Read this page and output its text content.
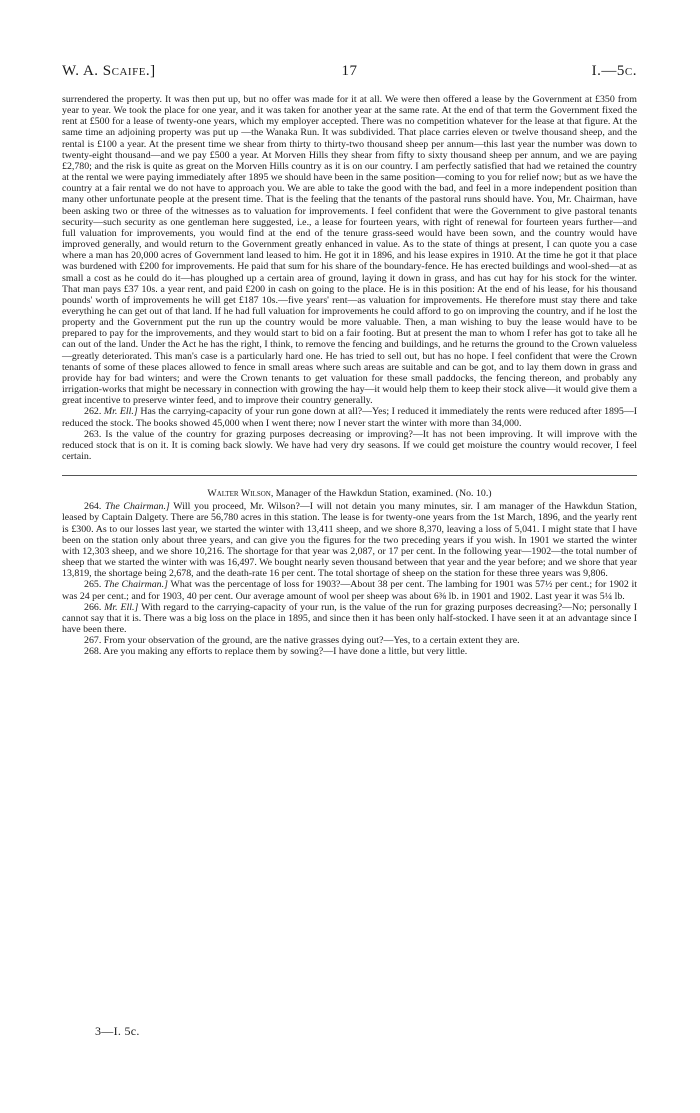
W. A. Scaife.]	17	I.—5c.

surrendered the property. It was then put up, but no offer was made for it at all. We were then offered a lease by the Government at £350 from year to year. We took the place for one year, and it was taken for another year at the same rate. At the end of that term the Government fixed the rent at £500 for a lease of twenty-one years, which my employer accepted. There was no competition whatever for the lease at that figure. At the same time an adjoining property was put up —the Wanaka Run. It was subdivided. That place carries eleven or twelve thousand sheep, and the rental is £100 a year. At the present time we shear from thirty to thirty-two thousand sheep per annum—this last year the number was down to twenty-eight thousand—and we pay £500 a year. At Morven Hills they shear from fifty to sixty thousand sheep per annum, and we are paying £2,780; and the risk is quite as great on the Morven Hills country as it is on our country. I am perfectly satisfied that had we retained the country at the rental we were paying immediately after 1895 we should have been in the same position—coming to you for relief now; but as we have the country at a fair rental we do not have to approach you. We are able to take the good with the bad, and feel in a more independent position than many other unfortunate people at the present time. That is the feeling that the tenants of the pastoral runs should have. You, Mr. Chairman, have been asking two or three of the witnesses as to valuation for improvements. I feel confident that were the Government to give pastoral tenants security—such security as one gentleman here suggested, i.e., a lease for fourteen years, with right of renewal for fourteen years further—and full valuation for improvements, you would find at the end of the tenure grass-seed would have been sown, and the country would have improved generally, and would return to the Government greatly enhanced in value. As to the state of things at present, I can quote you a case where a man has 20,000 acres of Government land leased to him. He got it in 1896, and his lease expires in 1910. At the time he got it that place was burdened with £200 for improvements. He paid that sum for his share of the boundary-fence. He has erected buildings and wool-shed—at as small a cost as he could do it—has ploughed up a certain area of ground, laying it down in grass, and has cut hay for his stock for the winter. That man pays £37 10s. a year rent, and paid £200 in cash on going to the place. He is in this position: At the end of his lease, for his thousand pounds' worth of improvements he will get £187 10s.—five years' rent—as valuation for improvements. He therefore must stay there and take everything he can get out of that land. If he had full valuation for improvements he could afford to go on improving the country, and if he lost the property and the Government put the run up the country would be more valuable. Then, a man wishing to buy the lease would have to be prepared to pay for the improvements, and they would start to bid on a fair footing. But at present the man to whom I refer has got to take all he can out of the land. Under the Act he has the right, I think, to remove the fencing and buildings, and he returns the ground to the Crown valueless—greatly deteriorated. This man's case is a particularly hard one. He has tried to sell out, but has no hope. I feel confident that were the Crown tenants of some of these places allowed to fence in small areas where such areas are suitable and can be got, and to lay them down in grass and provide hay for bad winters; and were the Crown tenants to get valuation for these small paddocks, the fencing thereon, and probably any irrigation-works that might be necessary in connection with growing the hay—it would help them to keep their stock alive—it would give them a great incentive to preserve winter feed, and to improve their country generally.

262. Mr. Ell.] Has the carrying-capacity of your run gone down at all?—Yes; I reduced it immediately the rents were reduced after 1895—I reduced the stock. The books showed 45,000 when I went there; now I never start the winter with more than 34,000.

263. Is the value of the country for grazing purposes decreasing or improving?—It has not been improving. It will improve with the reduced stock that is on it. It is coming back slowly. We have had very dry seasons. If we could get moisture the country would recover, I feel certain.

Walter Wilson, Manager of the Hawkdun Station, examined. (No. 10.)

264. The Chairman.] Will you proceed, Mr. Wilson?—I will not detain you many minutes, sir. I am manager of the Hawkdun Station, leased by Captain Dalgety. There are 56,780 acres in this station. The lease is for twenty-one years from the 1st March, 1896, and the yearly rent is £300. As to our losses last year, we started the winter with 13,411 sheep, and we shore 8,370, leaving a loss of 5,041. I might state that I have been on the station only about three years, and can give you the figures for the two preceding years if you wish. In 1901 we started the winter with 12,303 sheep, and we shore 10,216. The shortage for that year was 2,087, or 17 per cent. In the following year—1902—the total number of sheep that we started the winter with was 16,497. We bought nearly seven thousand between that year and the year before; and we shore that year 13,819, the shortage being 2,678, and the death-rate 16 per cent. The total shortage of sheep on the station for these three years was 9,806.

265. The Chairman.] What was the percentage of loss for 1903?—About 38 per cent. The lambing for 1901 was 57½ per cent.; for 1902 it was 24 per cent.; and for 1903, 40 per cent. Our average amount of wool per sheep was about 6⅜ lb. in 1901 and 1902. Last year it was 5¼ lb.

266. Mr. Ell.] With regard to the carrying-capacity of your run, is the value of the run for grazing purposes decreasing?—No; personally I cannot say that it is. There was a big loss on the place in 1895, and since then it has been only half-stocked. I have seen it at an advantage since I have been there.

267. From your observation of the ground, are the native grasses dying out?—Yes, to a certain extent they are.

268. Are you making any efforts to replace them by sowing?—I have done a little, but very little.

3—I. 5c.
